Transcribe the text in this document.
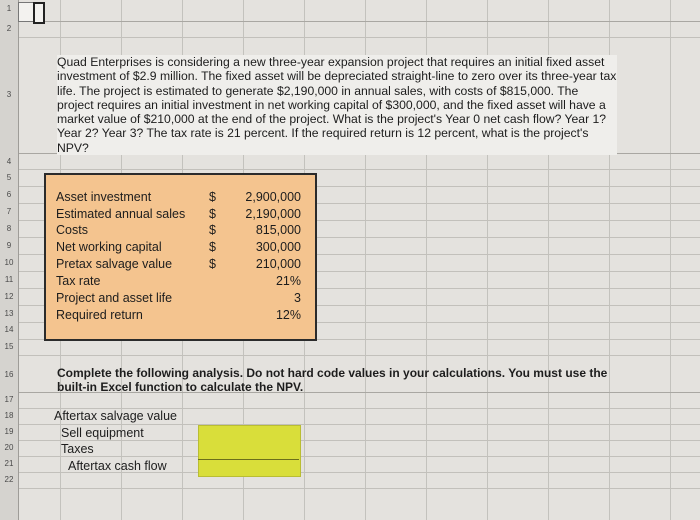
1
2
3
4
5
6
7
8
9
10
11
12
13
14
15
16
17
18
19
20
21
22
Quad Enterprises is considering a new three-year expansion project that requires an initial fixed asset investment of $2.9 million. The fixed asset will be depreciated straight-line to zero over its three-year tax life. The project is estimated to generate $2,190,000 in annual sales, with costs of $815,000. The project requires an initial investment in net working capital of $300,000, and the fixed asset will have a market value of $210,000 at the end of the project. What is the project's Year 0 net cash flow? Year 1? Year 2? Year 3? The tax rate is 21 percent. If the required return is 12 percent, what is the project's NPV?
Asset investment	$ 2,900,000
Estimated annual sales $ 2,190,000
Costs	$	815,000
Net working capital	$	300,000
Pretax salvage value	$	210,000
Tax rate	21%
Project and asset life	3
Required return	12%
Complete the following analysis. Do not hard code values in your calculations. You must use the built-in Excel function to calculate the NPV.
Aftertax salvage value
Sell equipment
Taxes
Aftertax cash flow
